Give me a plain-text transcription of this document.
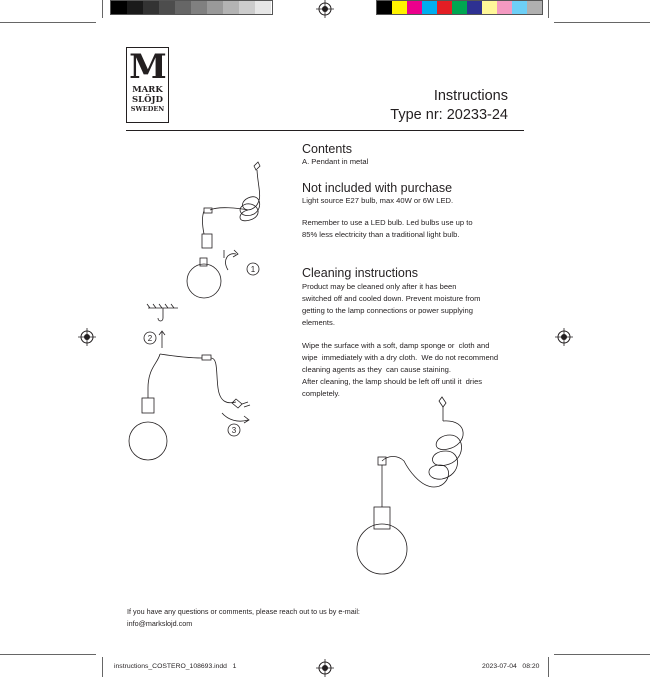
M
MARK
SLÖJD
SWEDEN
Instructions
Type nr: 20233-24
Contents
A. Pendant in metal
Not included with purchase
Light source E27 bulb, max 40W or 6W LED.
Remember to use a LED bulb. Led bulbs use up to
85% less electricity than a traditional light bulb.
Cleaning instructions
Product may be cleaned only after it has been
switched off and cooled down. Prevent moisture from
getting to the lamp connections or power supplying
elements.
Wipe the surface with a soft, damp sponge or  cloth and
wipe  immediately with a dry cloth.  We do not recommend
cleaning agents as they  can cause staining.
After cleaning, the lamp should be left off until it  dries
completely.
1
2
3
If you have any questions or comments, please reach out to us by e-mail:
info@markslojd.com
instructions_COSTERO_108693.indd   1	2023-07-04   08:20
